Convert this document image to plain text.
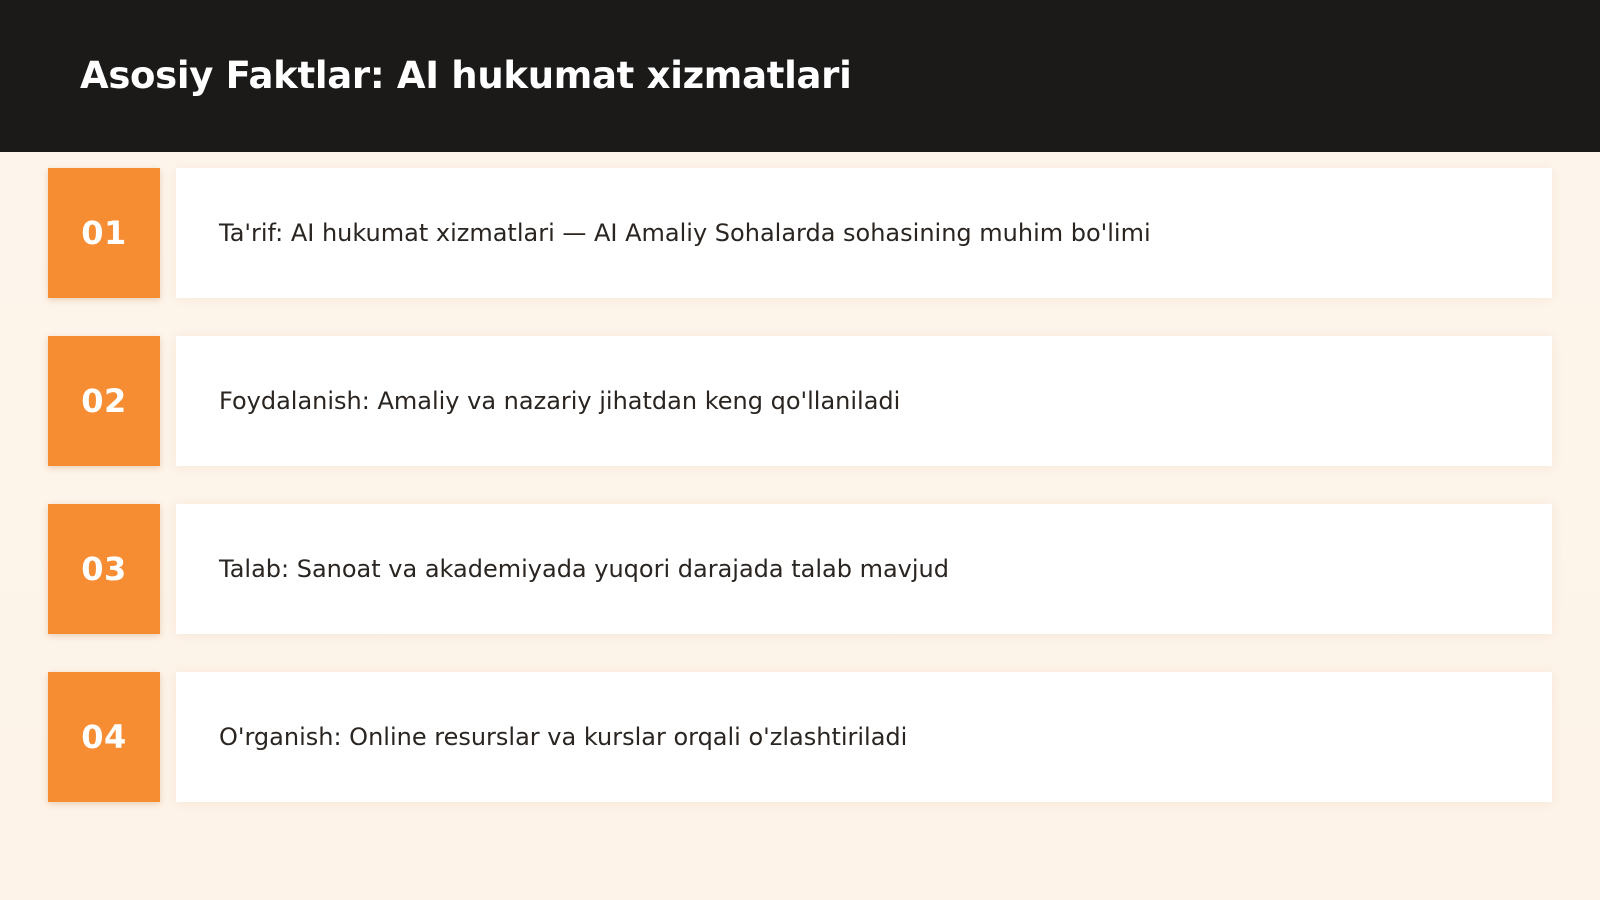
Asosiy Faktlar: AI hukumat xizmatlari
01	Ta'rif: AI hukumat xizmatlari — AI Amaliy Sohalarda sohasining muhim bo'limi
02	Foydalanish: Amaliy va nazariy jihatdan keng qo'llaniladi
03	Talab: Sanoat va akademiyada yuqori darajada talab mavjud
04	O'rganish: Online resurslar va kurslar orqali o'zlashtiriladi
